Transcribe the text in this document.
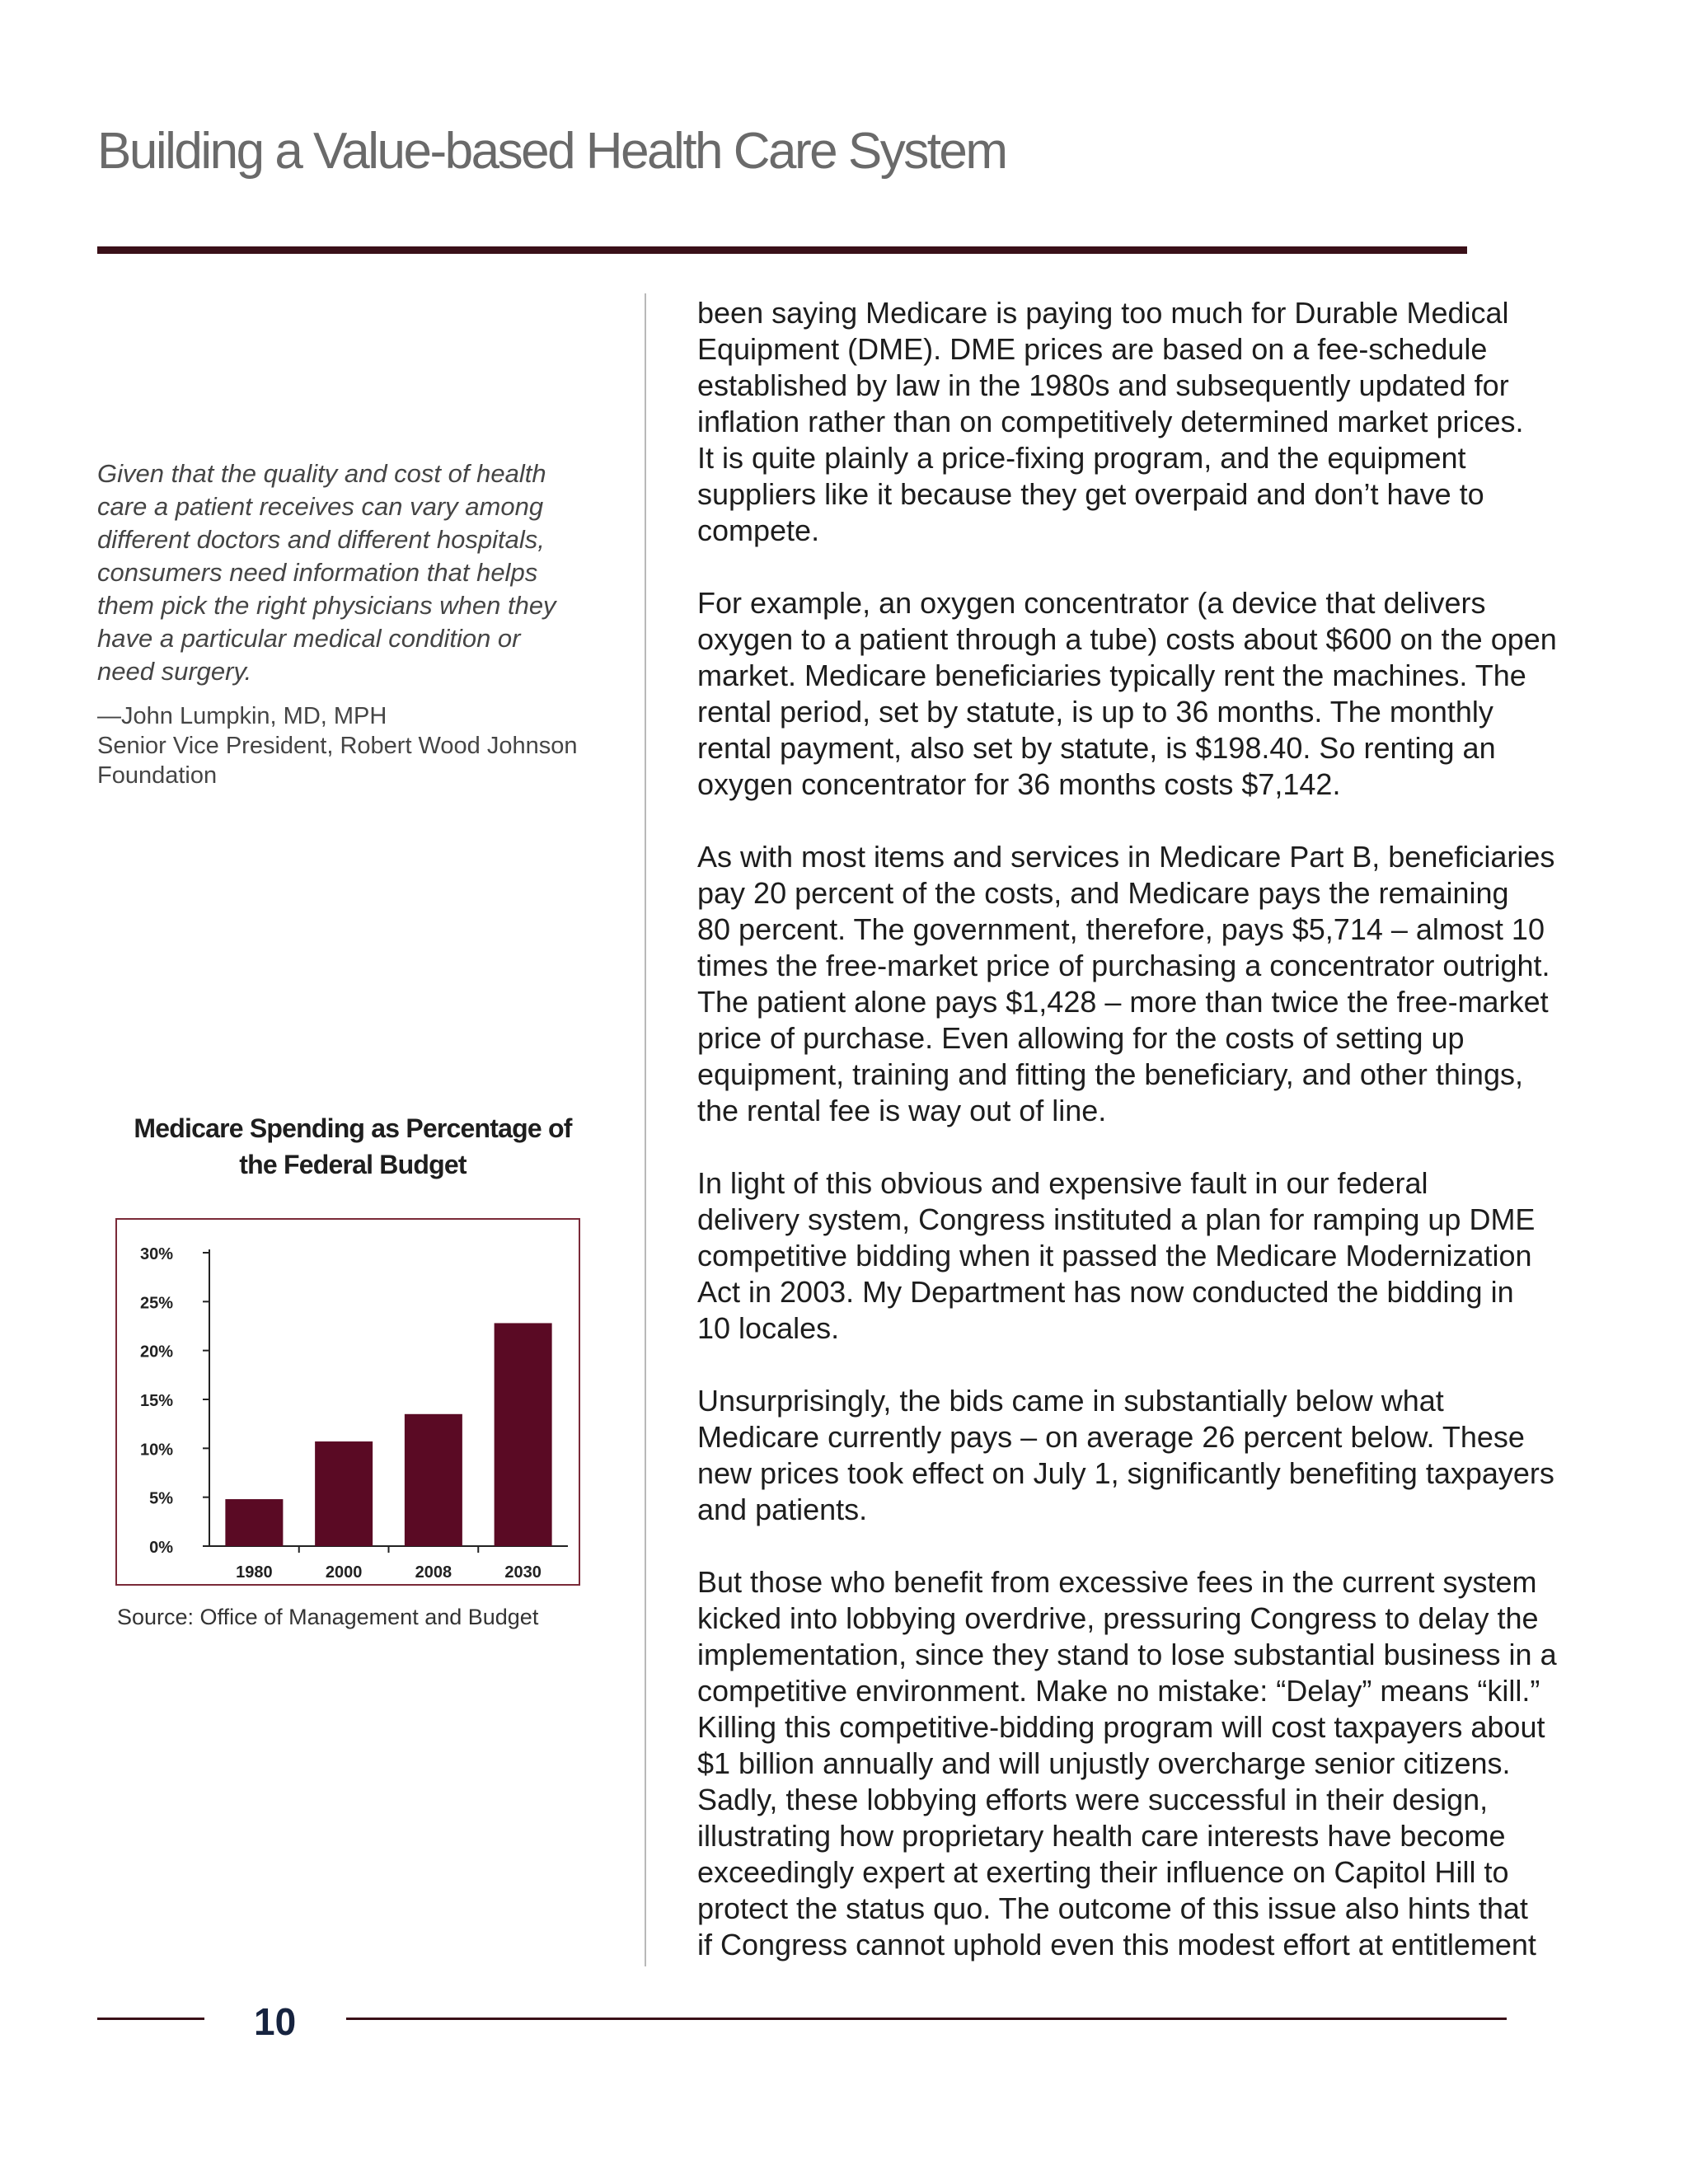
Building a Value-based Health Care System

Given that the quality and cost of health
care a patient receives can vary among
different doctors and different hospitals,
consumers need information that helps
them pick the right physicians when they
have a particular medical condition or
need surgery.

—John Lumpkin, MD, MPH
Senior Vice President, Robert Wood Johnson
Foundation
Medicare Spending as Percentage of the Federal Budget
0%
5%
10%
15%
20%
25%
30%
1980	2000	2008	2030
Source: Office of Management and Budget

been saying Medicare is paying too much for Durable Medical
Equipment (DME). DME prices are based on a fee-schedule
established by law in the 1980s and subsequently updated for
inflation rather than on competitively determined market prices.
It is quite plainly a price-fixing program, and the equipment
suppliers like it because they get overpaid and don’t have to
compete.

For example, an oxygen concentrator (a device that delivers
oxygen to a patient through a tube) costs about $600 on the open
market. Medicare beneficiaries typically rent the machines. The
rental period, set by statute, is up to 36 months. The monthly
rental payment, also set by statute, is $198.40. So renting an
oxygen concentrator for 36 months costs $7,142.

As with most items and services in Medicare Part B, beneficiaries
pay 20 percent of the costs, and Medicare pays the remaining
80 percent. The government, therefore, pays $5,714 – almost 10
times the free-market price of purchasing a concentrator outright.
The patient alone pays $1,428 – more than twice the free-market
price of purchase. Even allowing for the costs of setting up
equipment, training and fitting the beneficiary, and other things,
the rental fee is way out of line.

In light of this obvious and expensive fault in our federal
delivery system, Congress instituted a plan for ramping up DME
competitive bidding when it passed the Medicare Modernization
Act in 2003. My Department has now conducted the bidding in
10 locales.

Unsurprisingly, the bids came in substantially below what
Medicare currently pays – on average 26 percent below. These
new prices took effect on July 1, significantly benefiting taxpayers
and patients.

But those who benefit from excessive fees in the current system
kicked into lobbying overdrive, pressuring Congress to delay the
implementation, since they stand to lose substantial business in a
competitive environment. Make no mistake: “Delay” means “kill.”
Killing this competitive-bidding program will cost taxpayers about
$1 billion annually and will unjustly overcharge senior citizens.
Sadly, these lobbying efforts were successful in their design,
illustrating how proprietary health care interests have become
exceedingly expert at exerting their influence on Capitol Hill to
protect the status quo. The outcome of this issue also hints that
if Congress cannot uphold even this modest effort at entitlement

10
